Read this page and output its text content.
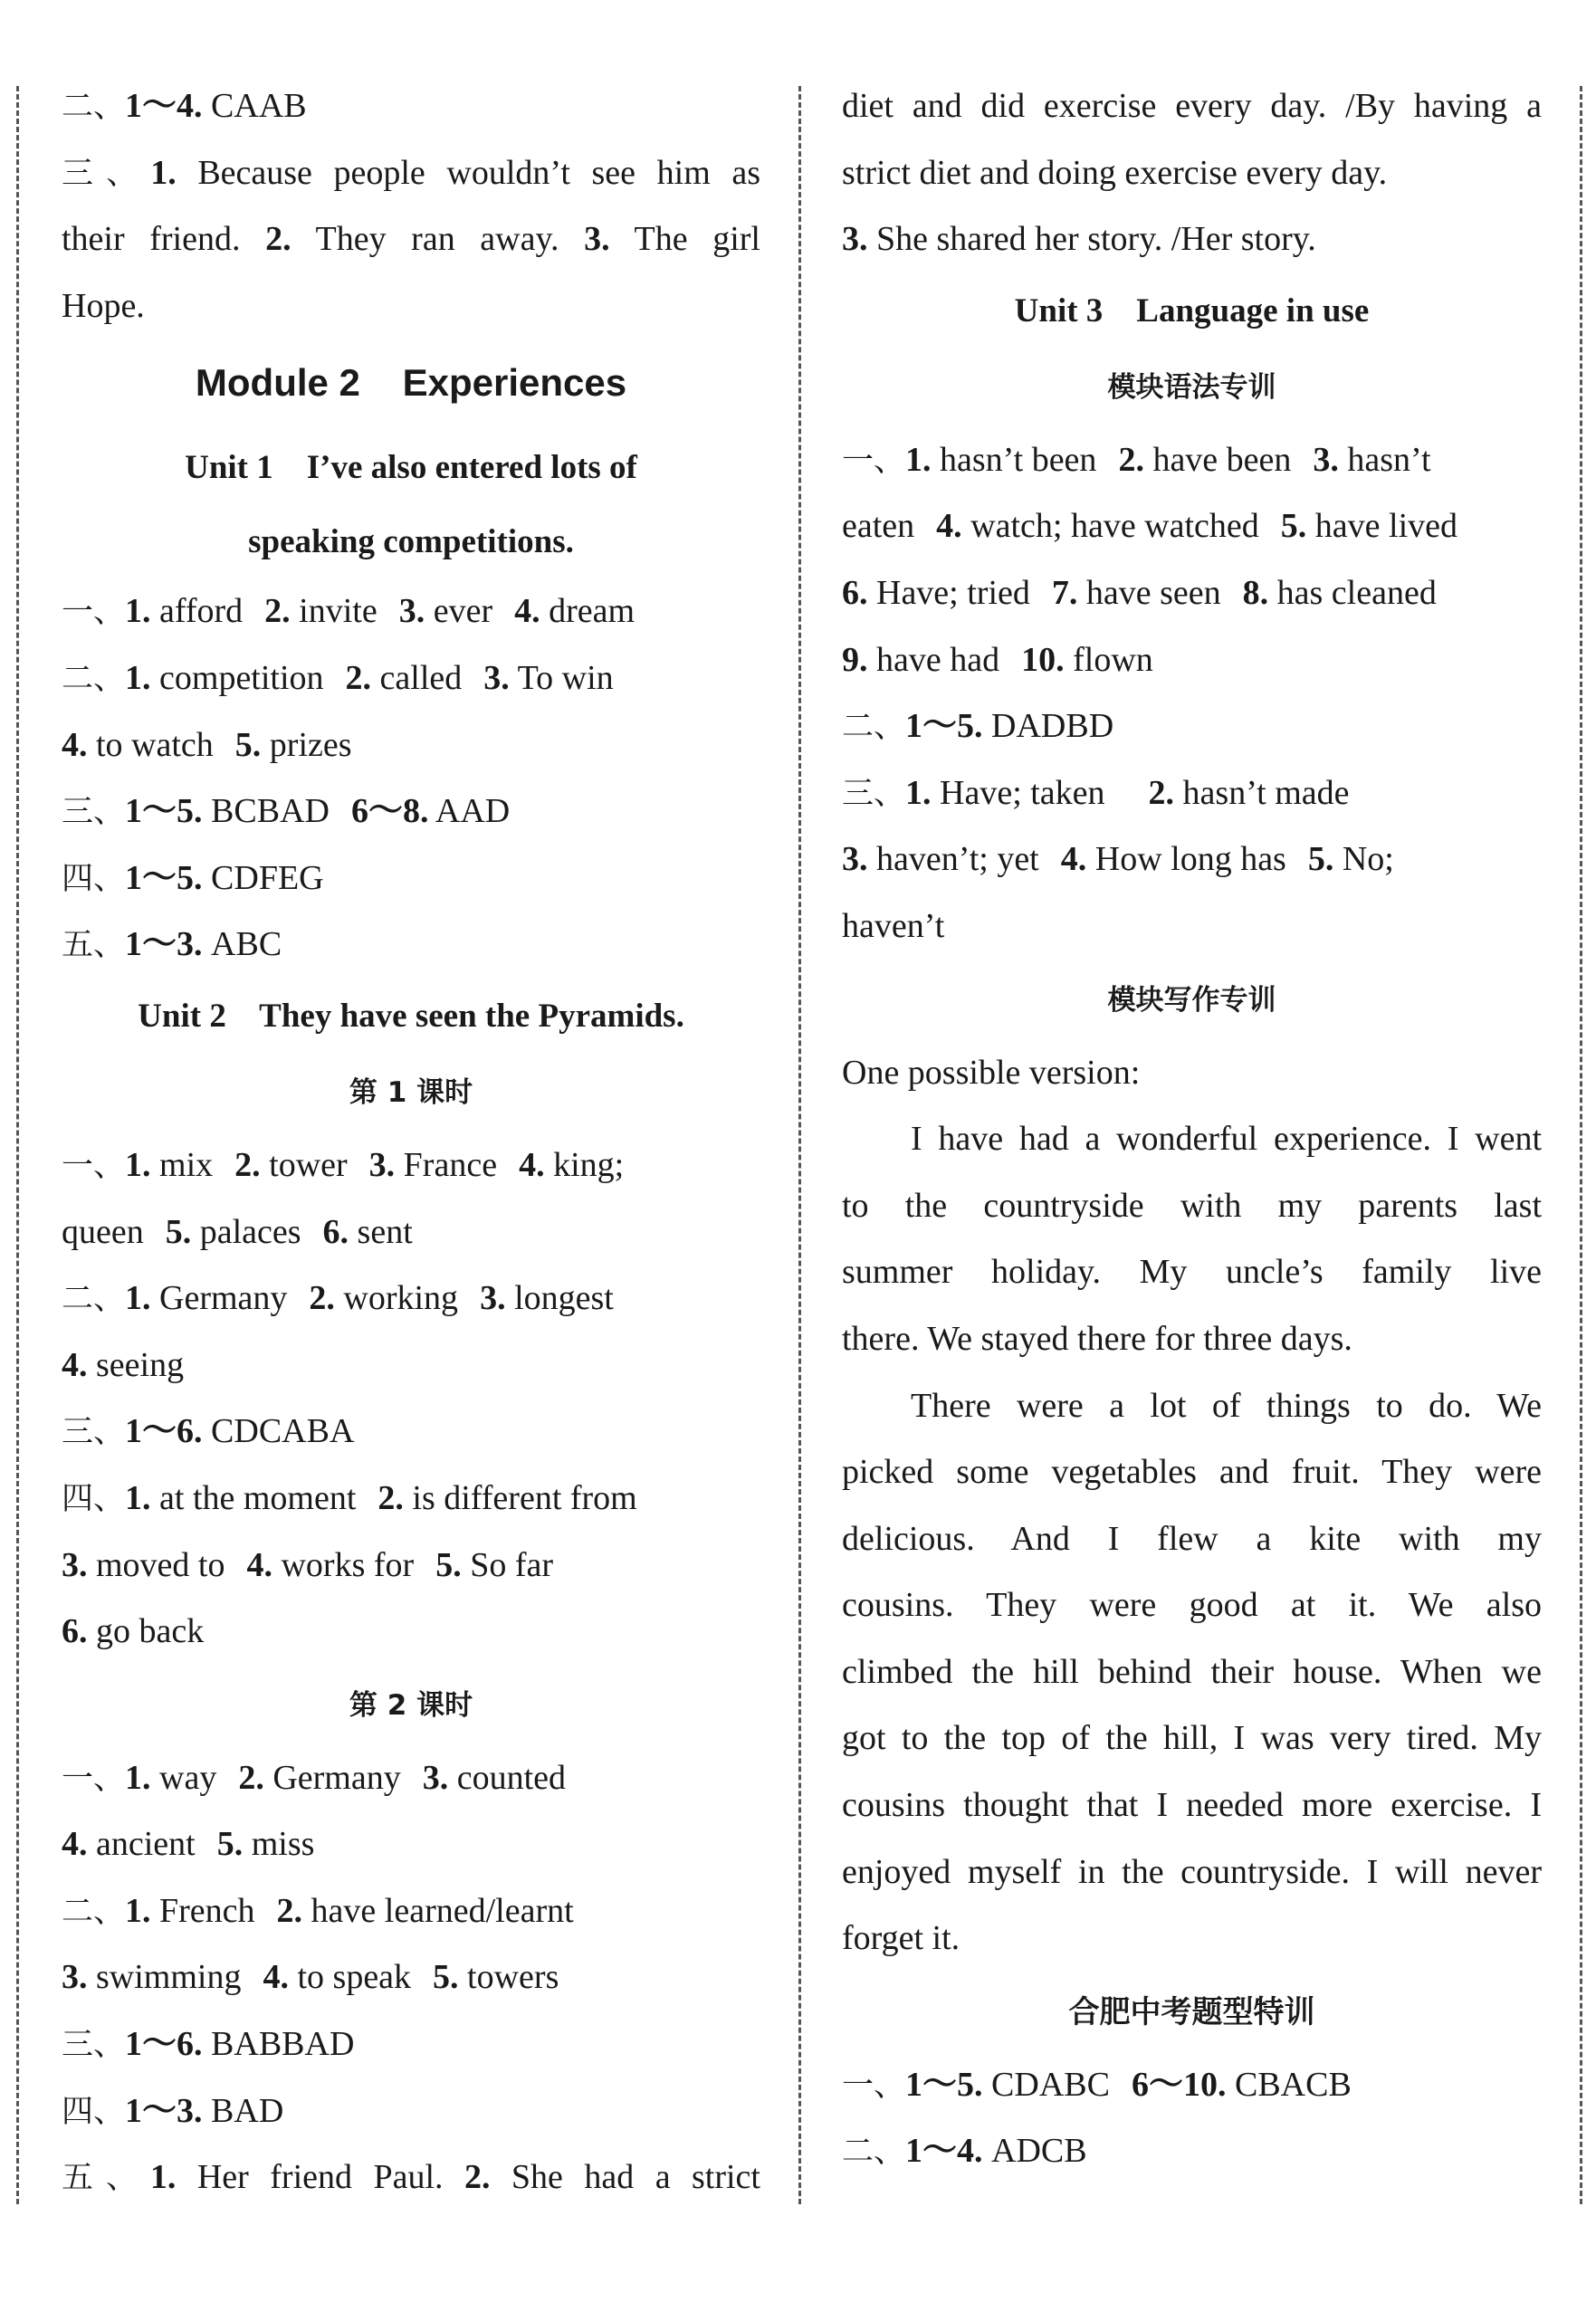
二、1～4. CAAB
三、1. Because people wouldn’t see him as
their friend. 2. They ran away. 3. The girl
Hope.
Module 2    Experiences
Unit 1    I’ve also entered lots of
speaking competitions.
一、1. afford 2. invite 3. ever 4. dream
二、1. competition 2. called 3. To win
4. to watch 5. prizes
三、1～5. BCBAD 6～8. AAD
四、1～5. CDFEG
五、1～3. ABC
Unit 2    They have seen the Pyramids.
第 1 课时
一、1. mix 2. tower 3. France 4. king;
queen 5. palaces 6. sent
二、1. Germany 2. working 3. longest
4. seeing
三、1～6. CDCABA
四、1. at the moment 2. is different from
3. moved to 4. works for 5. So far
6. go back
第 2 课时
一、1. way 2. Germany 3. counted
4. ancient 5. miss
二、1. French 2. have learned/learnt
3. swimming 4. to speak 5. towers
三、1～6. BABBAD
四、1～3. BAD
五、1. Her friend Paul. 2. She had a strict
diet and did exercise every day. /By having a
strict diet and doing exercise every day.
3. She shared her story. /Her story.
Unit 3    Language in use
模块语法专训
一、1. hasn’t been 2. have been 3. hasn’t
eaten 4. watch; have watched 5. have lived
6. Have; tried 7. have seen 8. has cleaned
9. have had 10. flown
二、1～5. DADBD
三、1. Have; taken 2. hasn’t made
3. haven’t; yet 4. How long has 5. No;
haven’t
模块写作专训
One possible version:
I have had a wonderful experience. I went
to the countryside with my parents last
summer holiday. My uncle’s family live
there. We stayed there for three days.
There were a lot of things to do. We
picked some vegetables and fruit. They were
delicious. And I flew a kite with my
cousins. They were good at it. We also
climbed the hill behind their house. When we
got to the top of the hill, I was very tired. My
cousins thought that I needed more exercise. I
enjoyed myself in the countryside. I will never
forget it.
合肥中考题型特训
一、1～5. CDABC 6～10. CBACB
二、1～4. ADCB
